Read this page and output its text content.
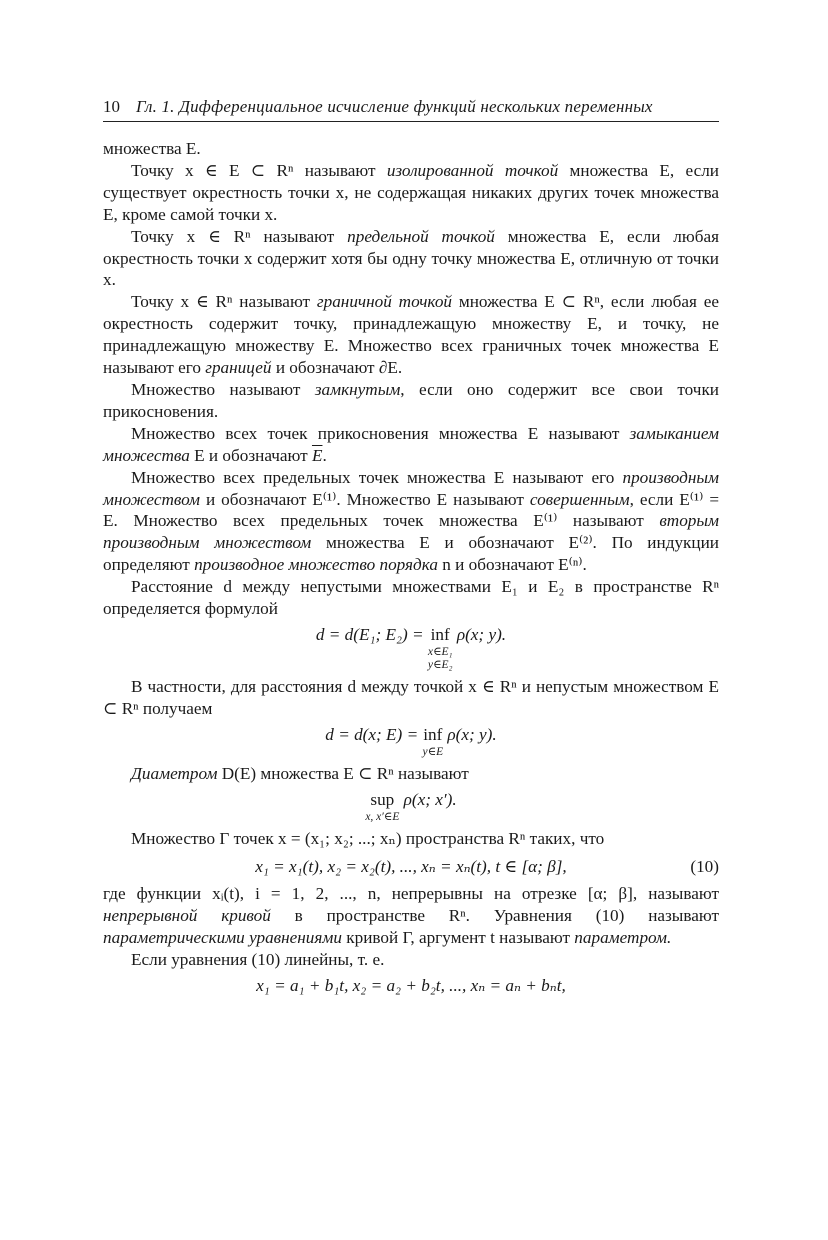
10 Гл. 1. Дифференциальное исчисление функций нескольких переменных

множества E.

Точку x ∈ E ⊂ Rⁿ называют изолированной точкой множества E, если существует окрестность точки x, не содержащая никаких других точек множества E, кроме самой точки x.

Точку x ∈ Rⁿ называют предельной точкой множества E, если любая окрестность точки x содержит хотя бы одну точку множества E, отличную от точки x.

Точку x ∈ Rⁿ называют граничной точкой множества E ⊂ Rⁿ, если любая ее окрестность содержит точку, принадлежащую множеству E, и точку, не принадлежащую множеству E. Множество всех граничных точек множества E называют его границей и обозначают ∂E.

Множество называют замкнутым, если оно содержит все свои точки прикосновения.

Множество всех точек прикосновения множества E называют замыканием множества E и обозначают $\overline{E}$.

Множество всех предельных точек множества E называют его производным множеством и обозначают E⁽¹⁾. Множество E называют совершенным, если E⁽¹⁾ = E. Множество всех предельных точек множества E⁽¹⁾ называют вторым производным множеством множества E и обозначают E⁽²⁾. По индукции определяют производное множество порядка n и обозначают E⁽ⁿ⁾.

Расстояние d между непустыми множествами E₁ и E₂ в пространстве Rⁿ определяется формулой

d = d(E₁; E₂) = inf
x∈E₁
y∈E₂
ρ(x; y).

В частности, для расстояния d между точкой x ∈ Rⁿ и непустым множеством E ⊂ Rⁿ получаем

d = d(x; E) = inf
y∈E
ρ(x; y).

Диаметром D(E) множества E ⊂ Rⁿ называют

sup
x, x′∈E
ρ(x; x′).

Множество Γ точек x = (x₁; x₂; ...; xₙ) пространства Rⁿ таких, что

x₁ = x₁(t), x₂ = x₂(t), ..., xₙ = xₙ(t), t ∈ [α; β],	(10)

где функции xᵢ(t), i = 1, 2, ..., n, непрерывны на отрезке [α; β], называют непрерывной кривой в пространстве Rⁿ. Уравнения (10) называют параметрическими уравнениями кривой Γ, аргумент t называют параметром.

Если уравнения (10) линейны, т. е.

x₁ = a₁ + b₁t, x₂ = a₂ + b₂t, ..., xₙ = aₙ + bₙt,
